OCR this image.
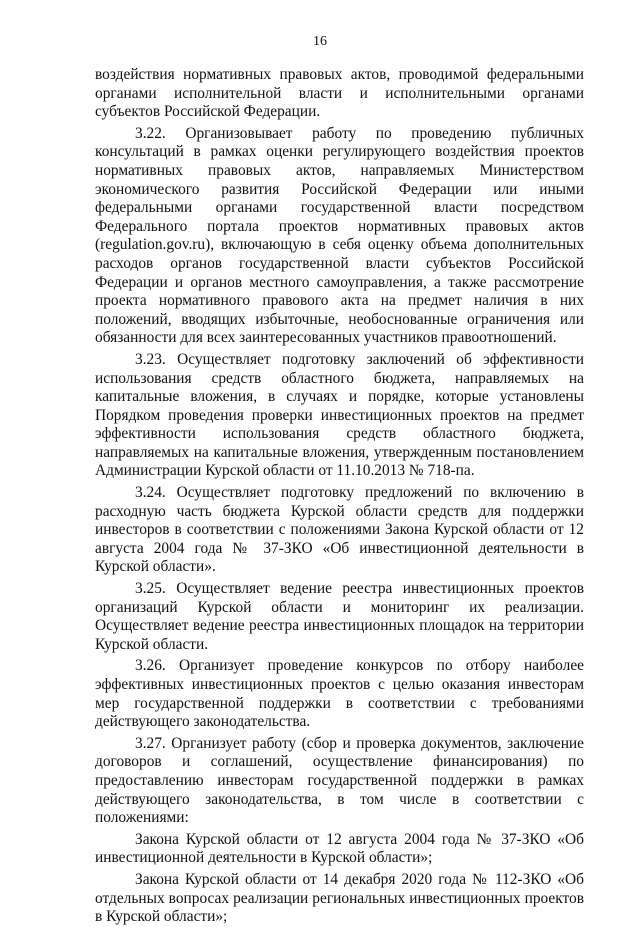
16

воздействия нормативных правовых актов, проводимой федеральными органами исполнительной власти и исполнительными органами субъектов Российской Федерации.

3.22. Организовывает работу по проведению публичных консультаций в рамках оценки регулирующего воздействия проектов нормативных правовых актов, направляемых Министерством экономического развития Российской Федерации или иными федеральными органами государственной власти посредством Федерального портала проектов нормативных правовых актов (regulation.gov.ru), включающую в себя оценку объема дополнительных расходов органов государственной власти субъектов Российской Федерации и органов местного самоуправления, а также рассмотрение проекта нормативного правового акта на предмет наличия в них положений, вводящих избыточные, необоснованные ограничения или обязанности для всех заинтересованных участников правоотношений.

3.23. Осуществляет подготовку заключений об эффективности использования средств областного бюджета, направляемых на капитальные вложения, в случаях и порядке, которые установлены Порядком проведения проверки инвестиционных проектов на предмет эффективности использования средств областного бюджета, направляемых на капитальные вложения, утвержденным постановлением Администрации Курской области от 11.10.2013 № 718-па.

3.24. Осуществляет подготовку предложений по включению в расходную часть бюджета Курской области средств для поддержки инвесторов в соответствии с положениями Закона Курской области от 12 августа 2004 года № 37-ЗКО «Об инвестиционной деятельности в Курской области».

3.25. Осуществляет ведение реестра инвестиционных проектов организаций Курской области и мониторинг их реализации. Осуществляет ведение реестра инвестиционных площадок на территории Курской области.

3.26. Организует проведение конкурсов по отбору наиболее эффективных инвестиционных проектов с целью оказания инвесторам мер государственной поддержки в соответствии с требованиями действующего законодательства.

3.27. Организует работу (сбор и проверка документов, заключение договоров и соглашений, осуществление финансирования) по предоставлению инвесторам государственной поддержки в рамках действующего законодательства, в том числе в соответствии с положениями:

Закона Курской области от 12 августа 2004 года № 37-ЗКО «Об инвестиционной деятельности в Курской области»;

Закона Курской области от 14 декабря 2020 года № 112-ЗКО «Об отдельных вопросах реализации региональных инвестиционных проектов в Курской области»;
